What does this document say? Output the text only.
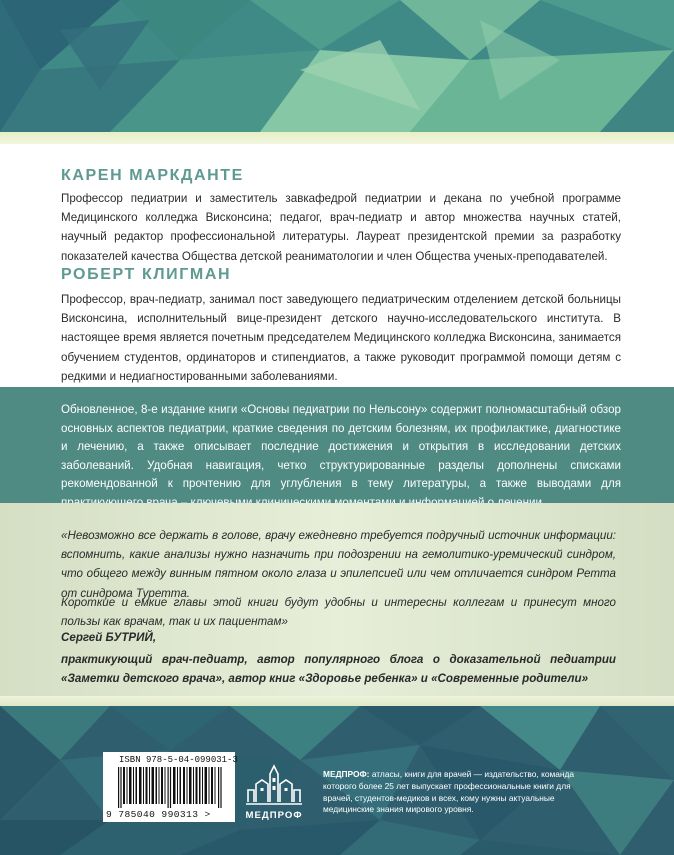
КАРЕН МАРКДАНТЕ

Профессор педиатрии и заместитель завкафедрой педиатрии и декана по учебной программе Медицинского колледжа Висконсина; педагог, врач-педиатр и автор множества научных статей, научный редактор профессиональной литературы. Лауреат президентской премии за разработку показателей качества Общества детской реаниматологии и член Общества ученых-преподавателей.

РОБЕРТ КЛИГМАН

Профессор, врач-педиатр, занимал пост заведующего педиатрическим отделением детской больницы Висконсина, исполнительный вице-президент детского научно-исследовательского института. В настоящее время является почетным председателем Медицинского колледжа Висконсина, занимается обучением студентов, ординаторов и стипендиатов, а также руководит программой помощи детям с редкими и недиагностированными заболеваниями.

Обновленное, 8-е издание книги «Основы педиатрии по Нельсону» содержит полномасштабный обзор основных аспектов педиатрии, краткие сведения по детским болезням, их профилактике, диагностике и лечению, а также описывает последние достижения и открытия в исследовании детских заболеваний. Удобная навигация, четко структурированные разделы дополнены списками рекомендованной к прочтению для углубления в тему литературы, а также выводами для

«Невозможно все держать в голове, врачу ежедневно требуется подручный источник информации: вспомнить, какие анализы нужно назначить при подозрении на гемолитико-уремический синдром, что общего между винным пятном около глаза и эпилепсией или чем отличается синдром Ретта от синдрома Туретта.

Короткие и емкие главы этой книги будут удобны и интересны коллегам и принесут много пользы как врачам, так и их пациентам»

Сергей БУТРИЙ,

практикующий врач-педиатр, автор популярного блога о доказательной педиатрии «Заметки детского врача», автор книг «Здоровье ребенка» и «Современные родители»

ISBN 978-5-04-099031-3
9 785040 990313 >	МЕДПРОФ

МЕДПРОФ: атласы, книги для врачей — издательство, команда которого более 25 лет выпускает профессиональные книги для врачей, студентов-медиков и всех, кому нужны актуальные медицинские знания мирового уровня.
